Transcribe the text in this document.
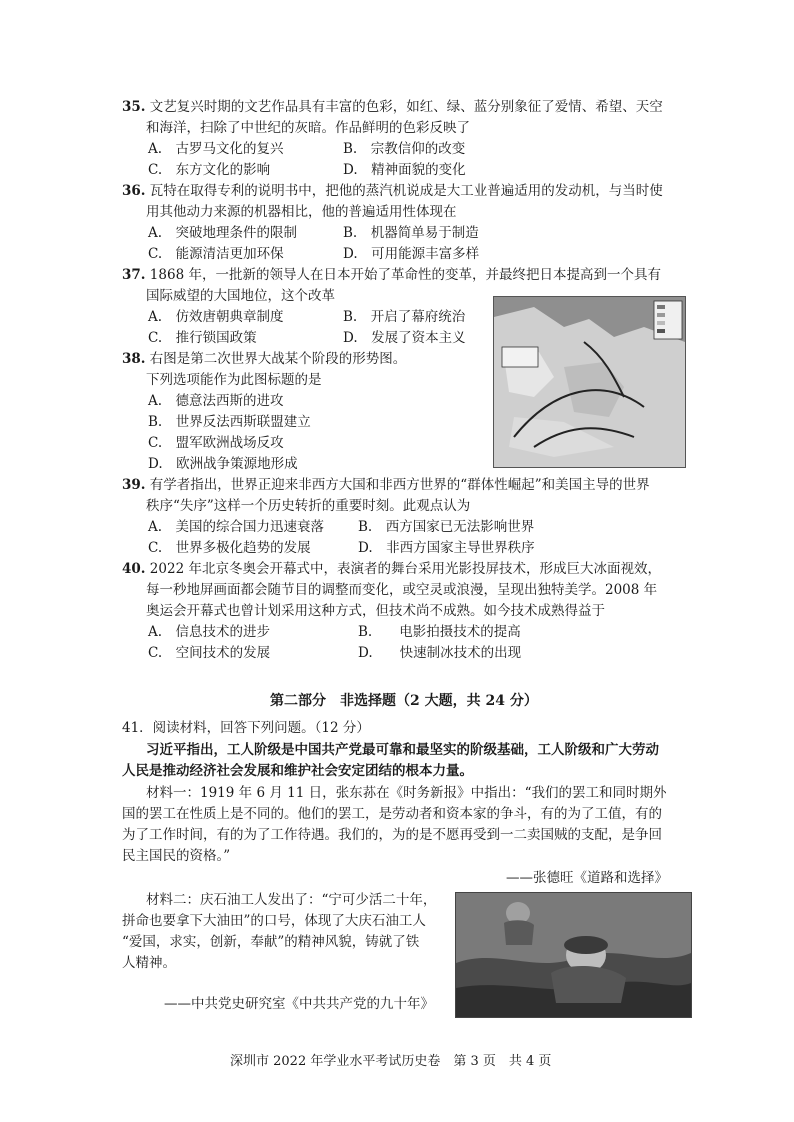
35. 文艺复兴时期的文艺作品具有丰富的色彩，如红、绿、蓝分别象征了爱情、希望、天空
和海洋，扫除了中世纪的灰暗。作品鲜明的色彩反映了
A.　古罗马文化的复兴	B.　宗教信仰的改变
C.　东方文化的影响	D.　精神面貌的变化
36. 瓦特在取得专利的说明书中，把他的蒸汽机说成是大工业普遍适用的发动机，与当时使
用其他动力来源的机器相比，他的普遍适用性体现在
A.　突破地理条件的限制	B.　机器简单易于制造
C.　能源清洁更加环保	D.　可用能源丰富多样
37. 1868 年，一批新的领导人在日本开始了革命性的变革，并最终把日本提高到一个具有
国际威望的大国地位，这个改革
A.　仿效唐朝典章制度	B.　开启了幕府统治
C.　推行锁国政策	D.　发展了资本主义
38. 右图是第二次世界大战某个阶段的形势图。
下列选项能作为此图标题的是
A.　德意法西斯的进攻
B.　世界反法西斯联盟建立
C.　盟军欧洲战场反攻
D.　欧洲战争策源地形成
39. 有学者指出，世界正迎来非西方大国和非西方世界的“群体性崛起”和美国主导的世界
秩序“失序”这样一个历史转折的重要时刻。此观点认为
A.　美国的综合国力迅速衰落	B.　西方国家已无法影响世界
C.　世界多极化趋势的发展	D.　非西方国家主导世界秩序
40. 2022 年北京冬奥会开幕式中，表演者的舞台采用光影投屏技术，形成巨大冰面视效，
每一秒地屏画面都会随节目的调整而变化，或空灵或浪漫，呈现出独特美学。2008 年
奥运会开幕式也曾计划采用这种方式，但技术尚不成熟。如今技术成熟得益于
A.　信息技术的进步	B.　　电影拍摄技术的提高
C.　空间技术的发展	D.　　快速制冰技术的出现
第二部分　非选择题（2 大题，共 24 分）
41．阅读材料，回答下列问题。（12 分）
习近平指出，工人阶级是中国共产党最可靠和最坚实的阶级基础，工人阶级和广大劳动
人民是推动经济社会发展和维护社会安定团结的根本力量。
材料一：1919 年 6 月 11 日，张东荪在《时务新报》中指出：“我们的罢工和同时期外
国的罢工在性质上是不同的。他们的罢工，是劳动者和资本家的争斗，有的为了工值，有的
为了工作时间，有的为了工作待遇。我们的，为的是不愿再受到一二卖国贼的支配，是争回
民主国民的资格。”
——张德旺《道路和选择》
材料二：庆石油工人发出了：“宁可少活二十年，
拼命也要拿下大油田”的口号，体现了大庆石油工人
“爱国，求实，创新，奉献”的精神风貌，铸就了铁
人精神。
——中共党史研究室《中共共产党的九十年》
深圳市 2022 年学业水平考试历史卷　第 3 页　共 4 页
